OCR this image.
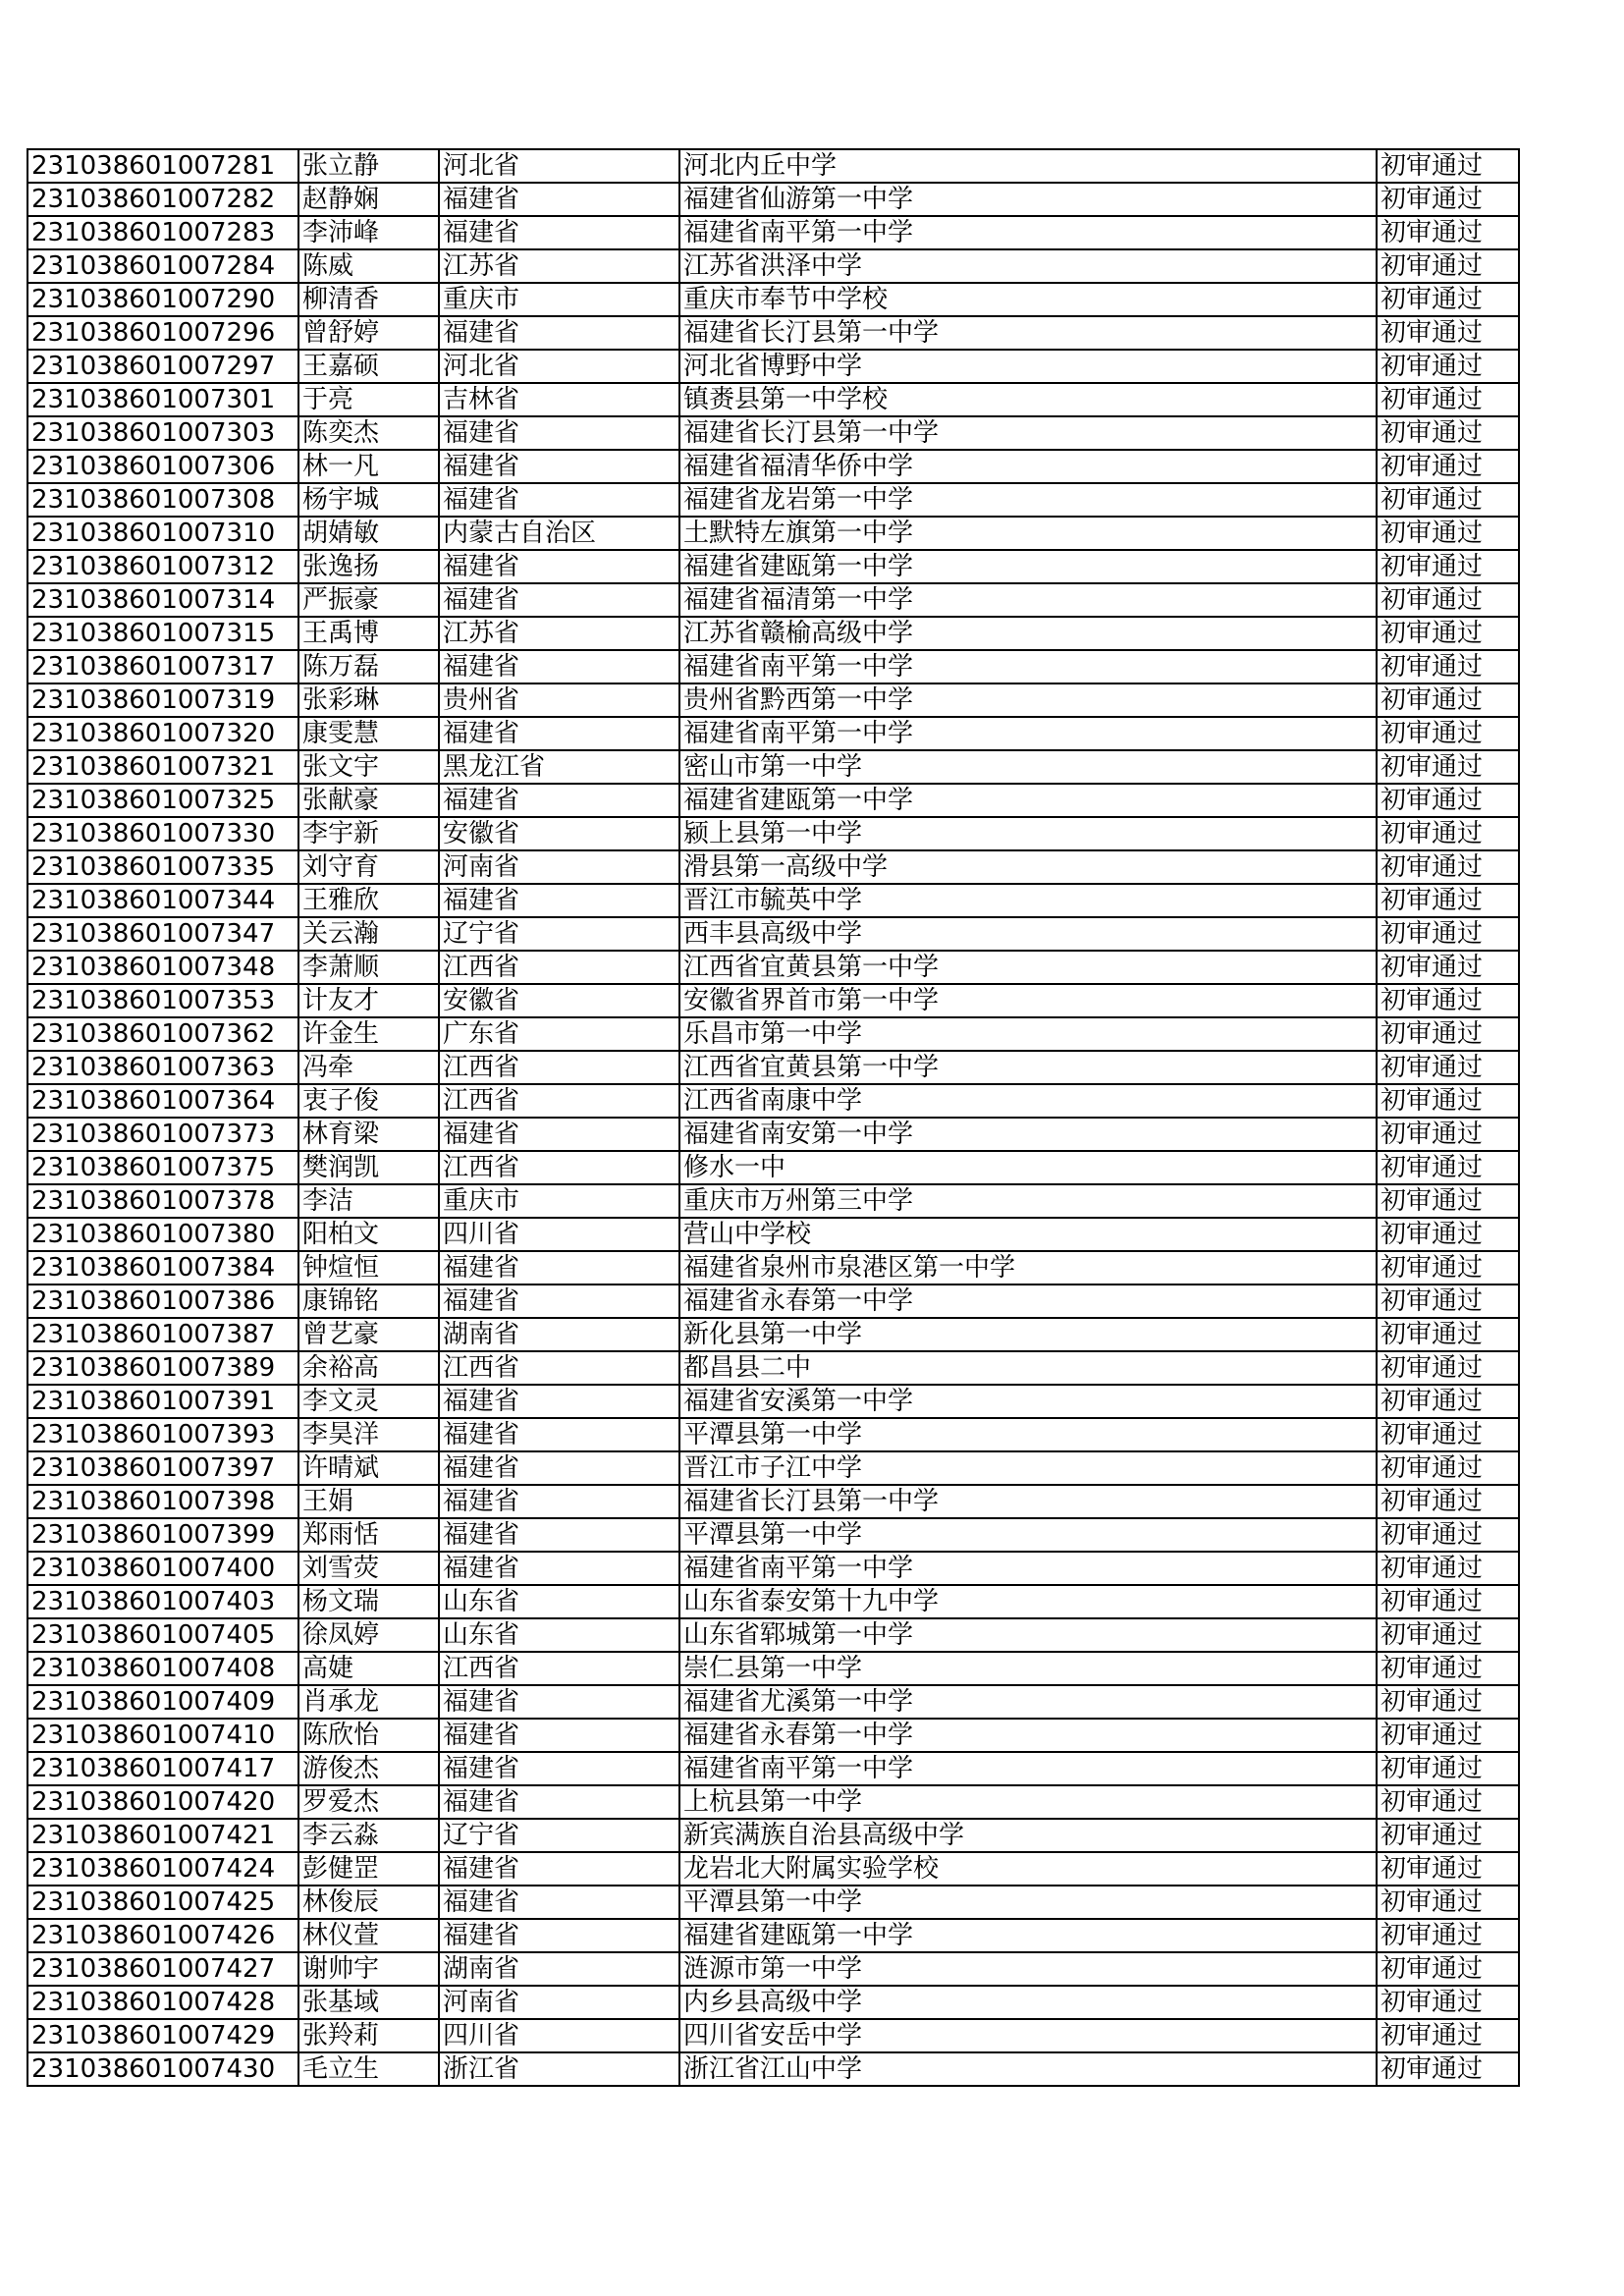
231038601007281	张立静	河北省	河北内丘中学	初审通过
231038601007282	赵静娴	福建省	福建省仙游第一中学	初审通过
231038601007283	李沛峰	福建省	福建省南平第一中学	初审通过
231038601007284	陈威	江苏省	江苏省洪泽中学	初审通过
231038601007290	柳清香	重庆市	重庆市奉节中学校	初审通过
231038601007296	曾舒婷	福建省	福建省长汀县第一中学	初审通过
231038601007297	王嘉硕	河北省	河北省博野中学	初审通过
231038601007301	于亮	吉林省	镇赉县第一中学校	初审通过
231038601007303	陈奕杰	福建省	福建省长汀县第一中学	初审通过
231038601007306	林一凡	福建省	福建省福清华侨中学	初审通过
231038601007308	杨宇城	福建省	福建省龙岩第一中学	初审通过
231038601007310	胡婧敏	内蒙古自治区	土默特左旗第一中学	初审通过
231038601007312	张逸扬	福建省	福建省建瓯第一中学	初审通过
231038601007314	严振豪	福建省	福建省福清第一中学	初审通过
231038601007315	王禹博	江苏省	江苏省赣榆高级中学	初审通过
231038601007317	陈万磊	福建省	福建省南平第一中学	初审通过
231038601007319	张彩琳	贵州省	贵州省黔西第一中学	初审通过
231038601007320	康雯慧	福建省	福建省南平第一中学	初审通过
231038601007321	张文宇	黑龙江省	密山市第一中学	初审通过
231038601007325	张献豪	福建省	福建省建瓯第一中学	初审通过
231038601007330	李宇新	安徽省	颍上县第一中学	初审通过
231038601007335	刘守育	河南省	滑县第一高级中学	初审通过
231038601007344	王雅欣	福建省	晋江市毓英中学	初审通过
231038601007347	关云瀚	辽宁省	西丰县高级中学	初审通过
231038601007348	李萧顺	江西省	江西省宜黄县第一中学	初审通过
231038601007353	计友才	安徽省	安徽省界首市第一中学	初审通过
231038601007362	许金生	广东省	乐昌市第一中学	初审通过
231038601007363	冯牵	江西省	江西省宜黄县第一中学	初审通过
231038601007364	衷子俊	江西省	江西省南康中学	初审通过
231038601007373	林育梁	福建省	福建省南安第一中学	初审通过
231038601007375	樊润凯	江西省	修水一中	初审通过
231038601007378	李洁	重庆市	重庆市万州第三中学	初审通过
231038601007380	阳柏文	四川省	营山中学校	初审通过
231038601007384	钟煊恒	福建省	福建省泉州市泉港区第一中学	初审通过
231038601007386	康锦铭	福建省	福建省永春第一中学	初审通过
231038601007387	曾艺豪	湖南省	新化县第一中学	初审通过
231038601007389	余裕高	江西省	都昌县二中	初审通过
231038601007391	李文灵	福建省	福建省安溪第一中学	初审通过
231038601007393	李昊洋	福建省	平潭县第一中学	初审通过
231038601007397	许晴斌	福建省	晋江市子江中学	初审通过
231038601007398	王娟	福建省	福建省长汀县第一中学	初审通过
231038601007399	郑雨恬	福建省	平潭县第一中学	初审通过
231038601007400	刘雪荧	福建省	福建省南平第一中学	初审通过
231038601007403	杨文瑞	山东省	山东省泰安第十九中学	初审通过
231038601007405	徐凤婷	山东省	山东省郓城第一中学	初审通过
231038601007408	高婕	江西省	崇仁县第一中学	初审通过
231038601007409	肖承龙	福建省	福建省尤溪第一中学	初审通过
231038601007410	陈欣怡	福建省	福建省永春第一中学	初审通过
231038601007417	游俊杰	福建省	福建省南平第一中学	初审通过
231038601007420	罗爱杰	福建省	上杭县第一中学	初审通过
231038601007421	李云淼	辽宁省	新宾满族自治县高级中学	初审通过
231038601007424	彭健罡	福建省	龙岩北大附属实验学校	初审通过
231038601007425	林俊辰	福建省	平潭县第一中学	初审通过
231038601007426	林仪萱	福建省	福建省建瓯第一中学	初审通过
231038601007427	谢帅宇	湖南省	涟源市第一中学	初审通过
231038601007428	张基域	河南省	内乡县高级中学	初审通过
231038601007429	张羚莉	四川省	四川省安岳中学	初审通过
231038601007430	毛立生	浙江省	浙江省江山中学	初审通过
